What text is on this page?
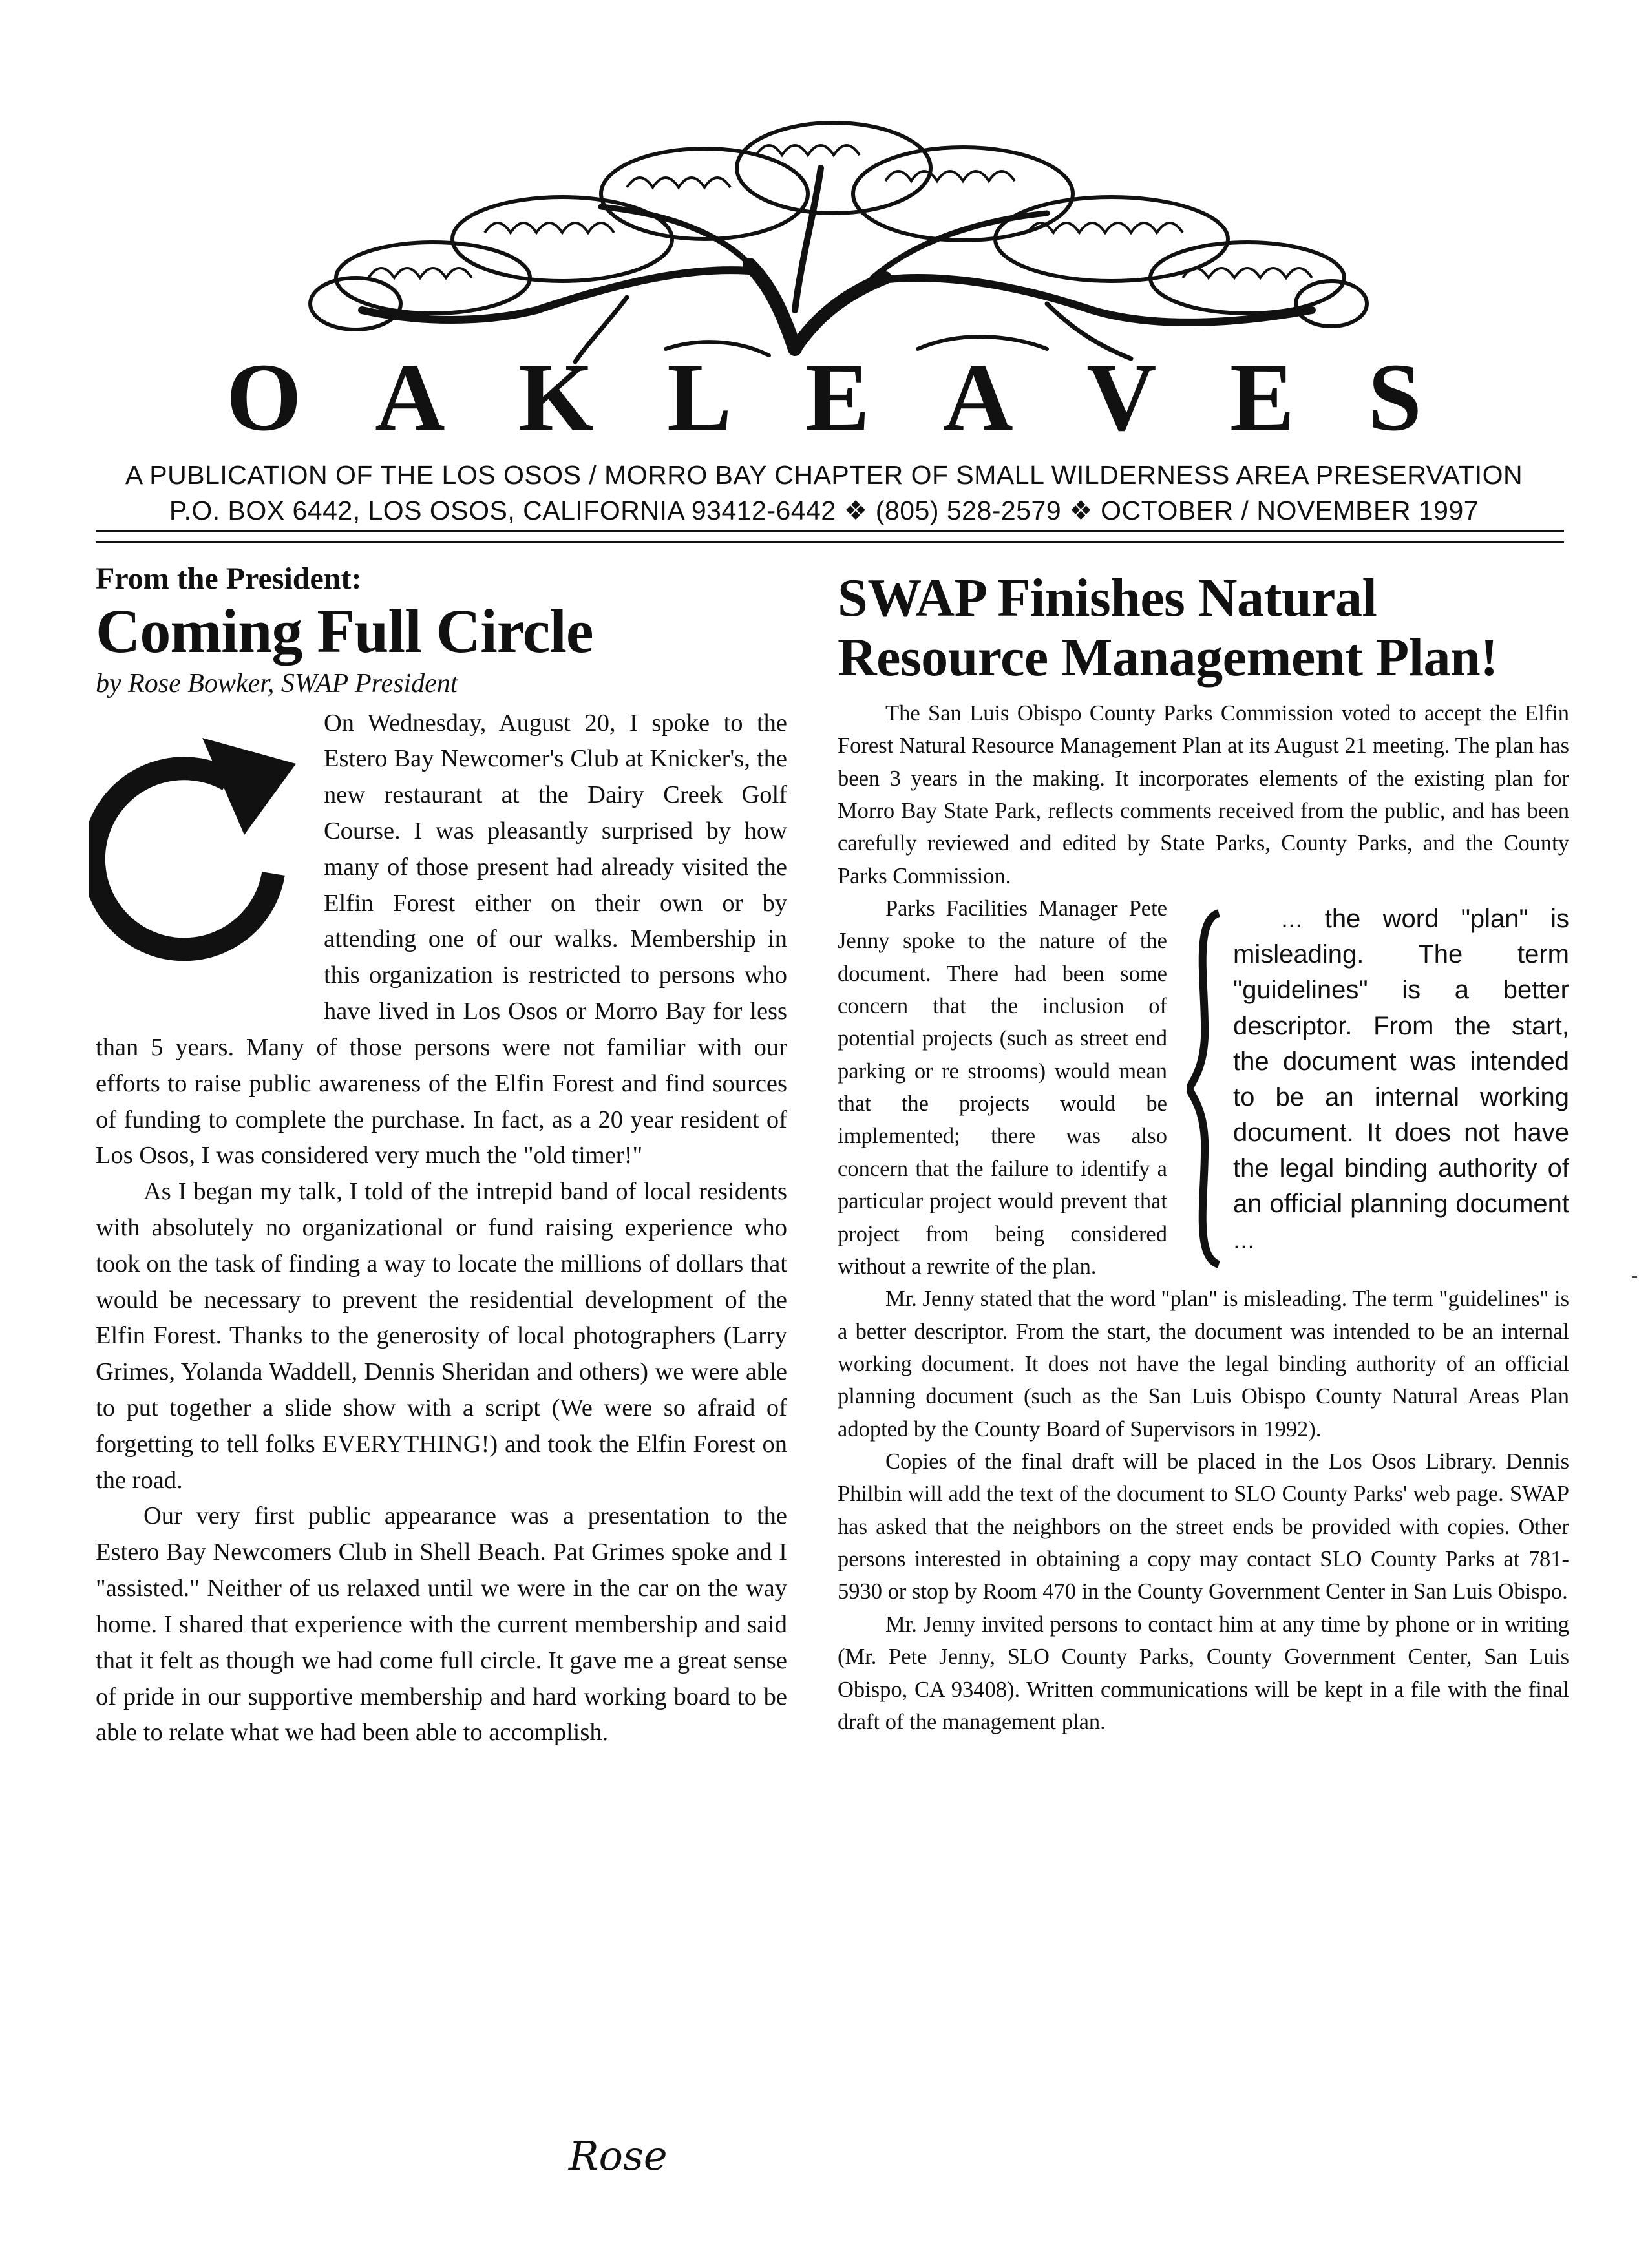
O A K L E A V E S
A PUBLICATION OF THE LOS OSOS / MORRO BAY CHAPTER OF SMALL WILDERNESS AREA PRESERVATION
P.O. BOX 6442, LOS OSOS, CALIFORNIA 93412-6442 ❖ (805) 528-2579 ❖ OCTOBER / NOVEMBER 1997
From the President:
Coming Full Circle
by Rose Bowker, SWAP President

On Wednesday, August 20, I spoke to the Estero Bay Newcomer's Club at Knicker's, the new restaurant at the Dairy Creek Golf Course. I was pleasantly surprised by how many of those present had already visited the Elfin Forest either on their own or by attending one of our walks. Membership in this organization is restricted to persons who have lived in Los Osos or Morro Bay for less than 5 years. Many of those persons were not familiar with our efforts to raise public awareness of the Elfin Forest and find sources of funding to complete the purchase. In fact, as a 20 year resident of Los Osos, I was considered very much the "old timer!"

As I began my talk, I told of the intrepid band of local residents with absolutely no organizational or fund raising experience who took on the task of finding a way to locate the millions of dollars that would be necessary to prevent the residential development of the Elfin Forest. Thanks to the generosity of local photographers (Larry Grimes, Yolanda Waddell, Dennis Sheridan and others) we were able to put together a slide show with a script (We were so afraid of forgetting to tell folks EVERYTHING!) and took the Elfin Forest on the road.

Our very first public appearance was a presentation to the Estero Bay Newcomers Club in Shell Beach. Pat Grimes spoke and I "assisted." Neither of us relaxed until we were in the car on the way home. I shared that experience with the current membership and said that it felt as though we had come full circle. It gave me a great sense of pride in our supportive membership and hard working board to be able to relate what we had been able to accomplish.

Rose
SWAP Finishes Natural Resource Management Plan!

The San Luis Obispo County Parks Commission voted to accept the Elfin Forest Natural Resource Management Plan at its August 21 meeting. The plan has been 3 years in the making. It incorporates elements of the existing plan for Morro Bay State Park, reflects comments received from the public, and has been carefully reviewed and edited by State Parks, County Parks, and the County Parks Commission.

... the word "plan" is misleading. The term "guidelines" is a better descriptor. From the start, the document was intended to be an internal working document. It does not have the legal binding authority of an official planning document ...

Parks Facilities Manager Pete Jenny spoke to the nature of the document. There had been some concern that the inclusion of potential projects (such as street end parking or re strooms) would mean that the projects would be implemented; there was also concern that the failure to identify a particular project would prevent that project from being considered without a rewrite of the plan.

Mr. Jenny stated that the word "plan" is misleading. The term "guidelines" is a better descriptor. From the start, the document was intended to be an internal working document. It does not have the legal binding authority of an official planning document (such as the San Luis Obispo County Natural Areas Plan adopted by the County Board of Supervisors in 1992).

Copies of the final draft will be placed in the Los Osos Library. Dennis Philbin will add the text of the document to SLO County Parks' web page. SWAP has asked that the neighbors on the street ends be provided with copies. Other persons interested in obtaining a copy may contact SLO County Parks at 781-5930 or stop by Room 470 in the County Government Center in San Luis Obispo.

Mr. Jenny invited persons to contact him at any time by phone or in writing (Mr. Pete Jenny, SLO County Parks, County Government Center, San Luis Obispo, CA 93408). Written communications will be kept in a file with the final draft of the management plan.
